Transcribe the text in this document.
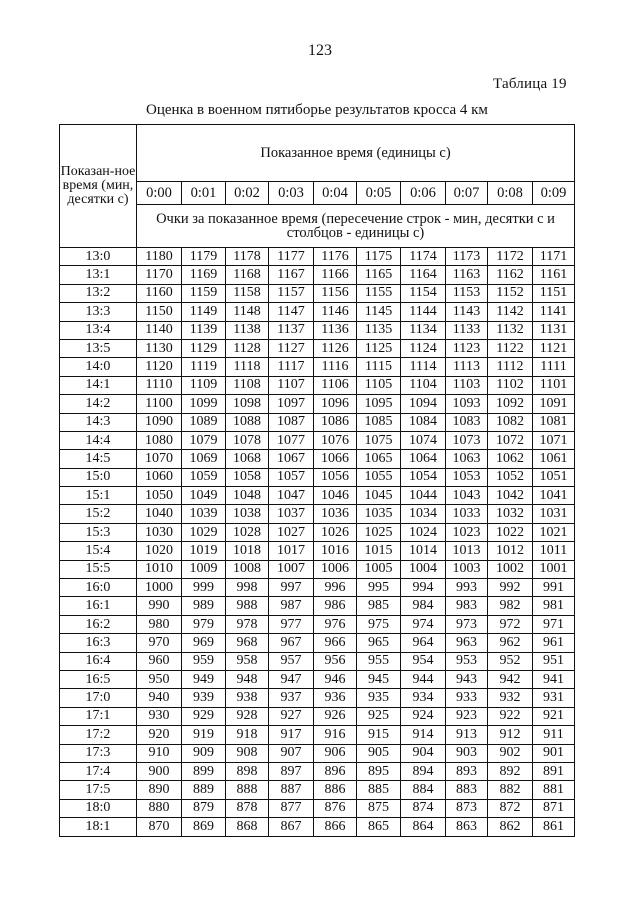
123
Таблица 19
Оценка в военном пятиборье результатов кросса 4 км
Показан-ное время (мин, десятки с)	Показанное время (единицы с)									
	0:00	0:01	0:02	0:03	0:04	0:05	0:06	0:07	0:08	0:09
	Очки за показанное время (пересечение строк - мин, десятки с и столбцов - единицы с)									
13:0	1180	1179	1178	1177	1176	1175	1174	1173	1172	1171
13:1	1170	1169	1168	1167	1166	1165	1164	1163	1162	1161
13:2	1160	1159	1158	1157	1156	1155	1154	1153	1152	1151
13:3	1150	1149	1148	1147	1146	1145	1144	1143	1142	1141
13:4	1140	1139	1138	1137	1136	1135	1134	1133	1132	1131
13:5	1130	1129	1128	1127	1126	1125	1124	1123	1122	1121
14:0	1120	1119	1118	1117	1116	1115	1114	1113	1112	1111
14:1	1110	1109	1108	1107	1106	1105	1104	1103	1102	1101
14:2	1100	1099	1098	1097	1096	1095	1094	1093	1092	1091
14:3	1090	1089	1088	1087	1086	1085	1084	1083	1082	1081
14:4	1080	1079	1078	1077	1076	1075	1074	1073	1072	1071
14:5	1070	1069	1068	1067	1066	1065	1064	1063	1062	1061
15:0	1060	1059	1058	1057	1056	1055	1054	1053	1052	1051
15:1	1050	1049	1048	1047	1046	1045	1044	1043	1042	1041
15:2	1040	1039	1038	1037	1036	1035	1034	1033	1032	1031
15:3	1030	1029	1028	1027	1026	1025	1024	1023	1022	1021
15:4	1020	1019	1018	1017	1016	1015	1014	1013	1012	1011
15:5	1010	1009	1008	1007	1006	1005	1004	1003	1002	1001
16:0	1000	999	998	997	996	995	994	993	992	991
16:1	990	989	988	987	986	985	984	983	982	981
16:2	980	979	978	977	976	975	974	973	972	971
16:3	970	969	968	967	966	965	964	963	962	961
16:4	960	959	958	957	956	955	954	953	952	951
16:5	950	949	948	947	946	945	944	943	942	941
17:0	940	939	938	937	936	935	934	933	932	931
17:1	930	929	928	927	926	925	924	923	922	921
17:2	920	919	918	917	916	915	914	913	912	911
17:3	910	909	908	907	906	905	904	903	902	901
17:4	900	899	898	897	896	895	894	893	892	891
17:5	890	889	888	887	886	885	884	883	882	881
18:0	880	879	878	877	876	875	874	873	872	871
18:1	870	869	868	867	866	865	864	863	862	861
